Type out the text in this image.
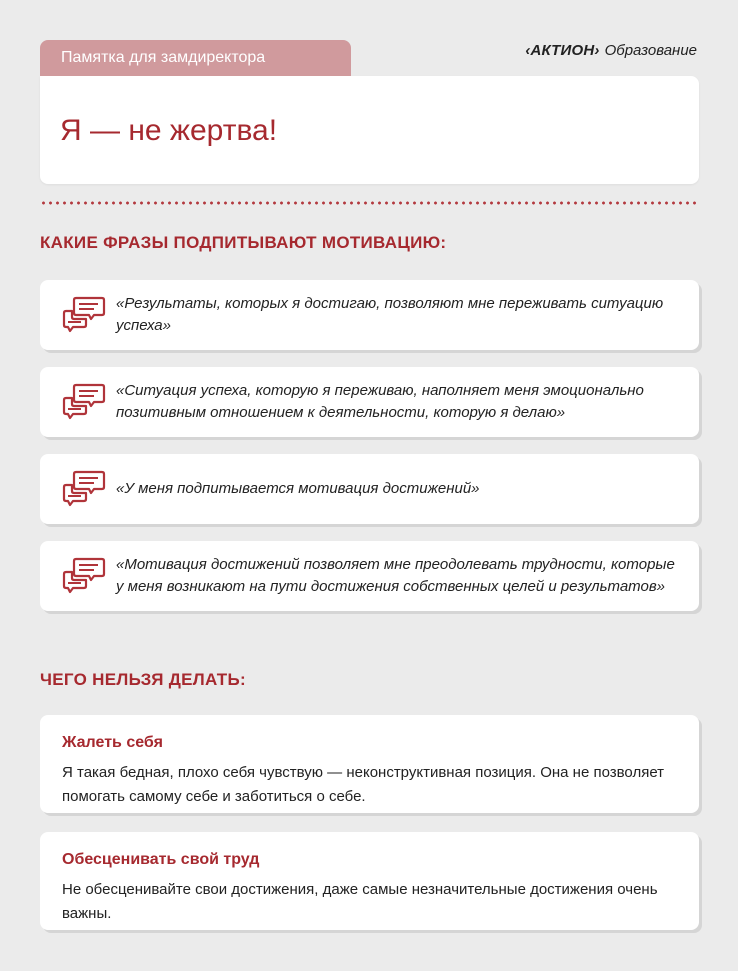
Памятка для замдиректора	‹АКТИОН› Образование
Я — не жертва!
КАКИЕ ФРАЗЫ ПОДПИТЫВАЮТ МОТИВАЦИЮ:
«Результаты, которых я достигаю, позволяют мне переживать ситуацию успеха»
«Ситуация успеха, которую я переживаю, наполняет меня эмоционально позитивным отношением к деятельности, которую я делаю»
«У меня подпитывается мотивация достижений»
«Мотивация достижений позволяет мне преодолевать трудности, которые у меня возникают на пути достижения собственных целей и результатов»
ЧЕГО НЕЛЬЗЯ ДЕЛАТЬ:
Жалеть себя
Я такая бедная, плохо себя чувствую — неконструктивная позиция. Она не позволяет помогать самому себе и заботиться о себе.
Обесценивать свой труд
Не обесценивайте свои достижения, даже самые незначительные достижения очень важны.
